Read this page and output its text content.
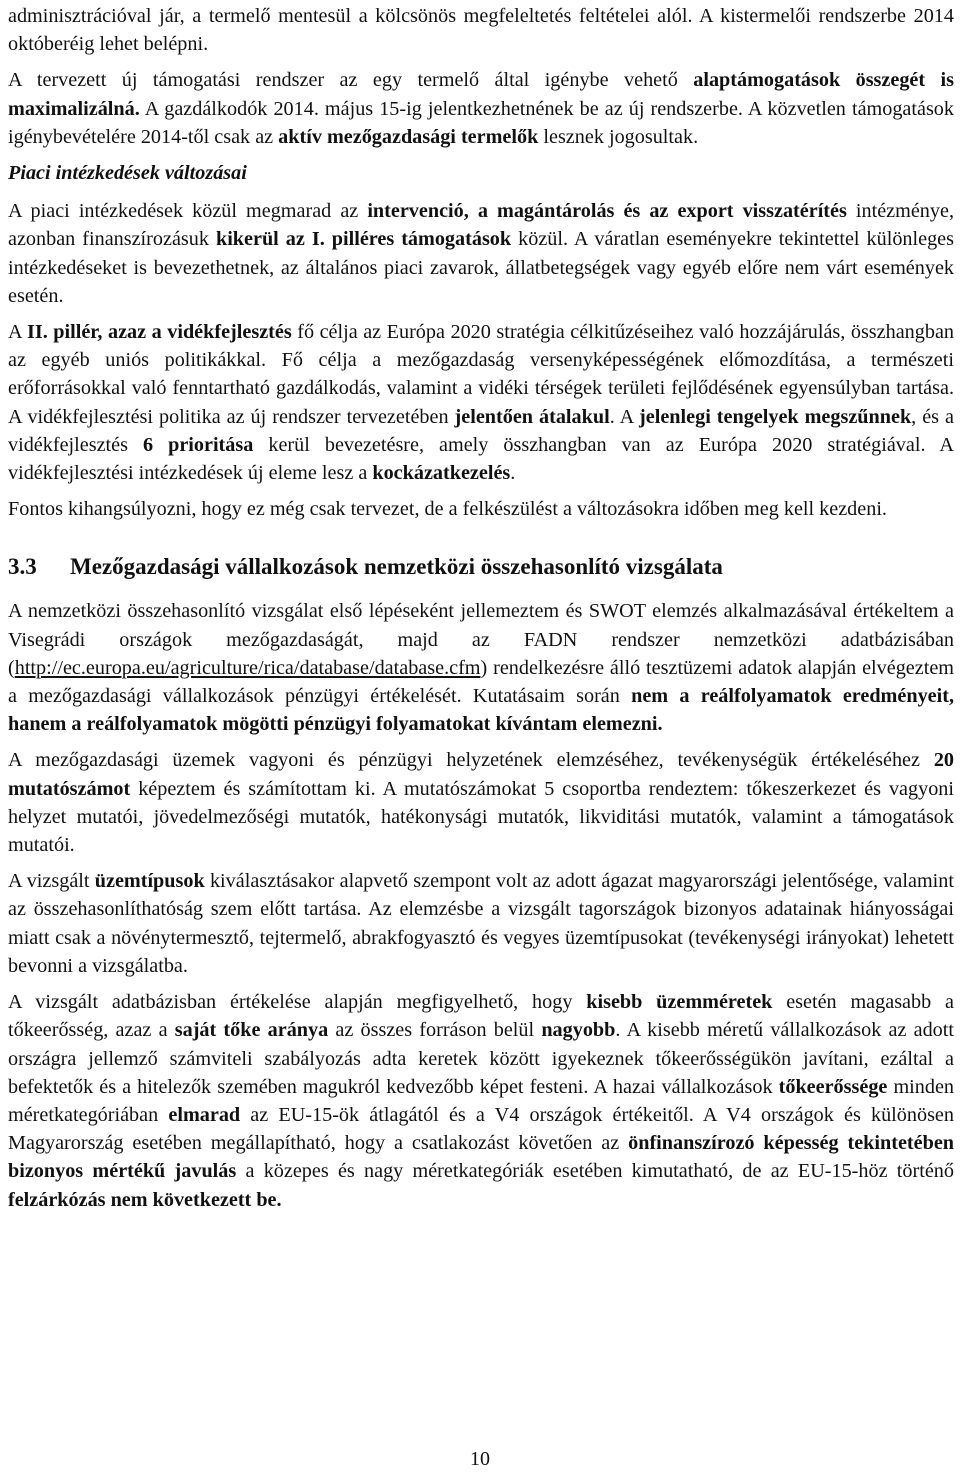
adminisztrációval jár, a termelő mentesül a kölcsönös megfeleltetés feltételei alól. A kistermelői rendszerbe 2014 októberéig lehet belépni.

A tervezett új támogatási rendszer az egy termelő által igénybe vehető alaptámogatások összegét is maximalizálná. A gazdálkodók 2014. május 15-ig jelentkezhetnének be az új rendszerbe. A közvetlen támogatások igénybevételére 2014-től csak az aktív mezőgazdasági termelők lesznek jogosultak.

Piaci intézkedések változásai

A piaci intézkedések közül megmarad az intervenció, a magántárolás és az export visszatérítés intézménye, azonban finanszírozásuk kikerül az I. pilléres támogatások közül. A váratlan eseményekre tekintettel különleges intézkedéseket is bevezethetnek, az általános piaci zavarok, állatbetegségek vagy egyéb előre nem várt események esetén.

A II. pillér, azaz a vidékfejlesztés fő célja az Európa 2020 stratégia célkitűzéseihez való hozzájárulás, összhangban az egyéb uniós politikákkal. Fő célja a mezőgazdaság versenyképességének előmozdítása, a természeti erőforrásokkal való fenntartható gazdálkodás, valamint a vidéki térségek területi fejlődésének egyensúlyban tartása. A vidékfejlesztési politika az új rendszer tervezetében jelentően átalakul. A jelenlegi tengelyek megszűnnek, és a vidékfejlesztés 6 prioritása kerül bevezetésre, amely összhangban van az Európa 2020 stratégiával. A vidékfejlesztési intézkedések új eleme lesz a kockázatkezelés.

Fontos kihangsúlyozni, hogy ez még csak tervezet, de a felkészülést a változásokra időben meg kell kezdeni.

3.3 Mezőgazdasági vállalkozások nemzetközi összehasonlító vizsgálata

A nemzetközi összehasonlító vizsgálat első lépéseként jellemeztem és SWOT elemzés alkalmazásával értékeltem a Visegrádi országok mezőgazdaságát, majd az FADN rendszer nemzetközi adatbázisában (http://ec.europa.eu/agriculture/rica/database/database.cfm) rendelkezésre álló tesztüzemi adatok alapján elvégeztem a mezőgazdasági vállalkozások pénzügyi értékelését. Kutatásaim során nem a reálfolyamatok eredményeit, hanem a reálfolyamatok mögötti pénzügyi folyamatokat kívántam elemezni.

A mezőgazdasági üzemek vagyoni és pénzügyi helyzetének elemzéséhez, tevékenységük értékeléséhez 20 mutatószámot képeztem és számítottam ki. A mutatószámokat 5 csoportba rendeztem: tőkeszerkezet és vagyoni helyzet mutatói, jövedelmezőségi mutatók, hatékonysági mutatók, likviditási mutatók, valamint a támogatások mutatói.

A vizsgált üzemtípusok kiválasztásakor alapvető szempont volt az adott ágazat magyarországi jelentősége, valamint az összehasonlíthatóság szem előtt tartása. Az elemzésbe a vizsgált tagországok bizonyos adatainak hiányosságai miatt csak a növénytermesztő, tejtermelő, abrakfogyasztó és vegyes üzemtípusokat (tevékenységi irányokat) lehetett bevonni a vizsgálatba.

A vizsgált adatbázisban értékelése alapján megfigyelhető, hogy kisebb üzemméretek esetén magasabb a tőkeerősség, azaz a saját tőke aránya az összes forráson belül nagyobb. A kisebb méretű vállalkozások az adott országra jellemző számviteli szabályozás adta keretek között igyekeznek tőkeerősségükön javítani, ezáltal a befektetők és a hitelezők szemében magukról kedvezőbb képet festeni. A hazai vállalkozások tőkeerőssége minden méretkategóriában elmarad az EU-15-ök átlagától és a V4 országok értékeitől. A V4 országok és különösen Magyarország esetében megállapítható, hogy a csatlakozást követően az önfinanszírozó képesség tekintetében bizonyos mértékű javulás a közepes és nagy méretkategóriák esetében kimutatható, de az EU-15-höz történő felzárkózás nem következett be.

10
